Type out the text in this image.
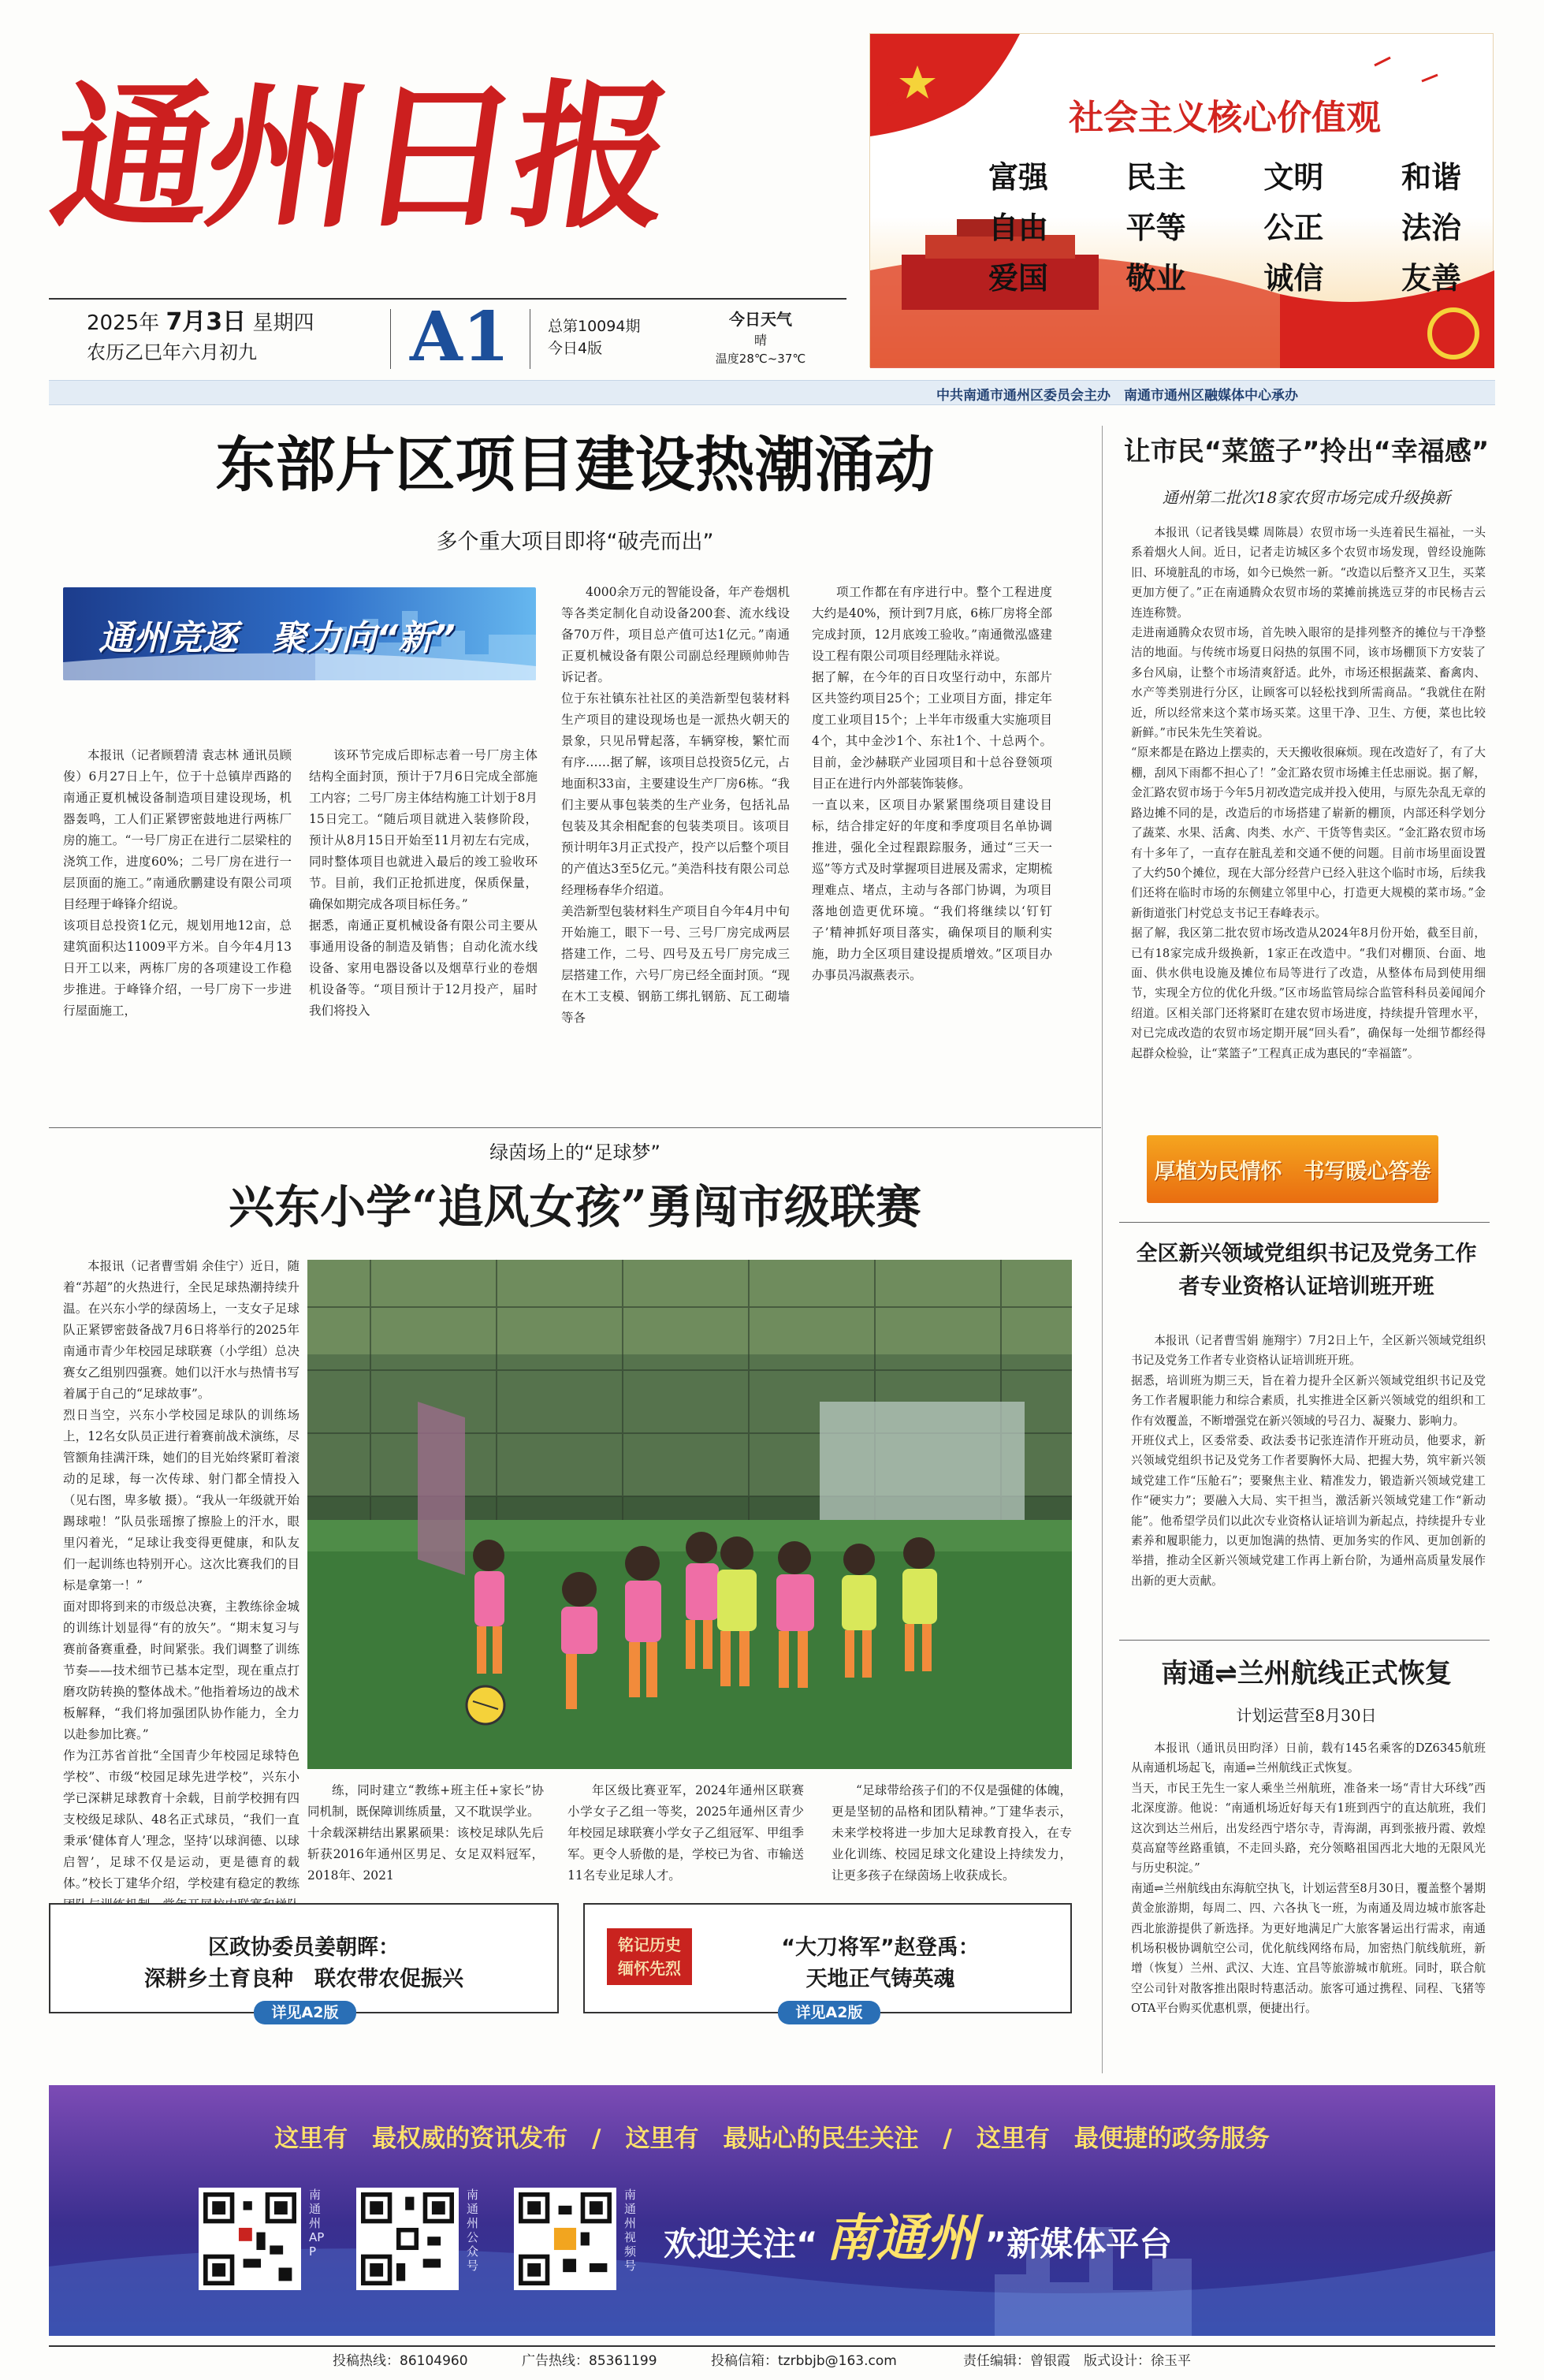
通州日报
2025年 7月3日 星期四
农历乙巳年六月初九	A1	总第10094期
今日4版
今日天气
晴
温度28℃~37℃
社会主义核心价值观
富强	民主	文明	和谐
自由	平等	公正	法治
爱国	敬业	诚信	友善
中共南通市通州区委员会主办　南通市通州区融媒体中心承办
东部片区项目建设热潮涌动
多个重大项目即将“破壳而出”
通州竞逐　聚力向“新”
本报讯（记者顾碧清 袁志林 通讯员顾俊）6月27日上午，位于十总镇岸西路的南通正夏机械设备制造项目建设现场，机器轰鸣，工人们正紧锣密鼓地进行两栋厂房的施工。“一号厂房正在进行二层梁柱的浇筑工作，进度60%；二号厂房在进行一层顶面的施工。”南通欣鹏建设有限公司项目经理于峰锋介绍说。
该项目总投资1亿元，规划用地12亩，总建筑面积达11009平方米。自今年4月13日开工以来，两栋厂房的各项建设工作稳步推进。于峰锋介绍，一号厂房下一步进行屋面施工，
该环节完成后即标志着一号厂房主体结构全面封顶，预计于7月6日完成全部施工内容；二号厂房主体结构施工计划于8月15日完工。“随后项目就进入装修阶段，预计从8月15日开始至11月初左右完成，同时整体项目也就进入最后的竣工验收环节。目前，我们正抢抓进度，保质保量，确保如期完成各项目标任务。”
据悉，南通正夏机械设备有限公司主要从事通用设备的制造及销售；自动化流水线设备、家用电器设备以及烟草行业的卷烟机设备等。“项目预计于12月投产，届时我们将投入
4000余万元的智能设备，年产卷烟机等各类定制化自动设备200套、流水线设备70万件，项目总产值可达1亿元。”南通正夏机械设备有限公司副总经理顾帅帅告诉记者。
位于东社镇东社社区的美浩新型包装材料生产项目的建设现场也是一派热火朝天的景象，只见吊臂起落，车辆穿梭，繁忙而有序……据了解，该项目总投资5亿元，占地面积33亩，主要建设生产厂房6栋。“我们主要从事包装类的生产业务，包括礼品包装及其余相配套的包装类项目。该项目预计明年3月正式投产，投产以后整个项目的产值达3至5亿元。”美浩科技有限公司总经理杨春华介绍道。
美浩新型包装材料生产项目自今年4月中旬开始施工，眼下一号、三号厂房完成两层搭建工作，二号、四号及五号厂房完成三层搭建工作，六号厂房已经全面封顶。“现在木工支模、钢筋工绑扎钢筋、瓦工砌墙等各
项工作都在有序进行中。整个工程进度大约是40%，预计到7月底，6栋厂房将全部完成封顶，12月底竣工验收。”南通微泓盛建设工程有限公司项目经理陆永祥说。
据了解，在今年的百日攻坚行动中，东部片区共签约项目25个；工业项目方面，排定年度工业项目15个；上半年市级重大实施项目4个，其中金沙1个、东社1个、十总两个。目前，金沙赫联产业园项目和十总谷登领项目正在进行内外部装饰装修。
一直以来，区项目办紧紧围绕项目建设目标，结合排定好的年度和季度项目名单协调推进，强化全过程跟踪服务，通过“三天一巡”等方式及时掌握项目进展及需求，定期梳理难点、堵点，主动与各部门协调，为项目落地创造更优环境。“我们将继续以‘钉钉子’精神抓好项目落实，确保项目的顺利实施，助力全区项目建设提质增效。”区项目办办事员冯淑燕表示。
绿茵场上的“足球梦”
兴东小学“追风女孩”勇闯市级联赛
本报讯（记者曹雪娟 余佳宁）近日，随着“苏超”的火热进行，全民足球热潮持续升温。在兴东小学的绿茵场上，一支女子足球队正紧锣密鼓备战7月6日将举行的2025年南通市青少年校园足球联赛（小学组）总决赛女乙组别四强赛。她们以汗水与热情书写着属于自己的“足球故事”。
烈日当空，兴东小学校园足球队的训练场上，12名女队员正进行着赛前战术演练，尽管额角挂满汗珠，她们的目光始终紧盯着滚动的足球，每一次传球、射门都全情投入（见右图，卑多敏 摄）。“我从一年级就开始踢球啦！”队员张瑶擦了擦脸上的汗水，眼里闪着光，“足球让我变得更健康，和队友们一起训练也特别开心。这次比赛我们的目标是拿第一！”
面对即将到来的市级总决赛，主教练徐金城的训练计划显得“有的放矢”。“期末复习与赛前备赛重叠，时间紧张。我们调整了训练节奏——技术细节已基本定型，现在重点打磨攻防转换的整体战术。”他指着场边的战术板解释，“我们将加强团队协作能力，全力以赴参加比赛。”
作为江苏省首批“全国青少年校园足球特色学校”、市级“校园足球先进学校”，兴东小学已深耕足球教育十余载，目前学校拥有四支校级足球队、48名正式球员，“我们一直秉承‘健体育人’理念，坚持‘以球润德、以球启智’，足球不仅是运动，更是德育的载体。”校长丁建华介绍，学校建有稳定的教练
练，同时建立“教练+班主任+家长”协同机制，既保障训练质量，又不耽误学业。
十余载深耕结出累累硕果：该校足球队先后斩获2016年通州区男足、女足双料冠军，2018年、2021
年区级比赛亚军，2024年通州区联赛小学女子乙组一等奖，2025年通州区青少年校园足球联赛小学女子乙组冠军、甲组季军。更令人骄傲的是，学校已为省、市输送11名专业足球人才。
“足球带给孩子们的不仅是强健的体魄，更是坚韧的品格和团队精神。”丁建华表示，未来学校将进一步加大足球教育投入，在专业化训练、校园足球文化建设上持续发力，让更多孩子在绿茵场上收获成长。
区政协委员姜朝晖：
深耕乡土育良种　联农带农促振兴
详见A2版
铭记历史
缅怀先烈
“大刀将军”赵登禹：
天地正气铸英魂
详见A2版
让市民“菜篮子”拎出“幸福感”
通州第二批次18家农贸市场完成升级换新
本报讯（记者钱昊蝶 周陈晨）农贸市场一头连着民生福祉，一头系着烟火人间。近日，记者走访城区多个农贸市场发现，曾经设施陈旧、环境脏乱的市场，如今已焕然一新。“改造以后整齐又卫生，买菜更加方便了。”正在南通腾众农贸市场的菜摊前挑选豆芽的市民杨吉云连连称赞。
走进南通腾众农贸市场，首先映入眼帘的是排列整齐的摊位与干净整洁的地面。与传统市场夏日闷热的氛围不同，该市场棚顶下方安装了多台风扇，让整个市场清爽舒适。此外，市场还根据蔬菜、畜禽肉、水产等类别进行分区，让顾客可以轻松找到所需商品。“我就住在附近，所以经常来这个菜市场买菜。这里干净、卫生、方便，菜也比较新鲜。”市民朱先生笑着说。
“原来都是在路边上摆卖的，天天搬收很麻烦。现在改造好了，有了大棚，刮风下雨都不担心了！”金汇路农贸市场摊主任忠丽说。据了解，金汇路农贸市场于今年5月初改造完成并投入使用，与原先杂乱无章的路边摊不同的是，改造后的市场搭建了崭新的棚顶，内部还科学划分了蔬菜、水果、活禽、肉类、水产、干货等售卖区。“金汇路农贸市场有十多年了，一直存在脏乱差和交通不便的问题。目前市场里面设置了大约50个摊位，现在大部分经营户已经入驻这个临时市场，后续我们还将在临时市场的东侧建立邻里中心，打造更大规模的菜市场。”金新街道张门村党总支书记王春峰表示。
据了解，我区第二批农贸市场改造从2024年8月份开始，截至目前，已有18家完成升级换新，1家正在改造中。“我们对棚顶、台面、地面、供水供电设施及摊位布局等进行了改造，从整体布局到使用细节，实现全方位的优化升级。”区市场监管局综合监管科科员姜闻闻介绍道。区相关部门还将紧盯在建农贸市场进度，持续提升管理水平，对已完成改造的农贸市场定期开展“回头看”，确保每一处细节都经得起群众检验，让“菜篮子”工程真正成为惠民的“幸福篮”。
厚植为民情怀　书写暖心答卷
全区新兴领域党组织书记及党务工作者专业资格认证培训班开班
本报讯（记者曹雪娟 施翔宇）7月2日上午，全区新兴领域党组织书记及党务工作者专业资格认证培训班开班。
据悉，培训班为期三天，旨在着力提升全区新兴领域党组织书记及党务工作者履职能力和综合素质，扎实推进全区新兴领域党的组织和工作有效覆盖，不断增强党在新兴领域的号召力、凝聚力、影响力。
开班仪式上，区委常委、政法委书记张连清作开班动员，他要求，新兴领域党组织书记及党务工作者要胸怀大局、把握大势，筑牢新兴领域党建工作“压舱石”；要聚焦主业、精准发力，锻造新兴领域党建工作“硬实力”；要融入大局、实干担当，激活新兴领域党建工作“新动能”。他希望学员们以此次专业资格认证培训为新起点，持续提升专业素养和履职能力，以更加饱满的热情、更加务实的作风、更加创新的举措，推动全区新兴领域党建工作再上新台阶，为通州高质量发展作出新的更大贡献。
南通⇌兰州航线正式恢复
计划运营至8月30日
本报讯（通讯员田昀泽）日前，载有145名乘客的DZ6345航班从南通机场起飞，南通⇌兰州航线正式恢复。
当天，市民王先生一家人乘坐兰州航班，准备来一场“青甘大环线”西北深度游。他说：“南通机场近好每天有1班到西宁的直达航班，我们这次到达兰州后，出发经西宁塔尔寺，青海湖，再到张掖丹霞、敦煌莫高窟等丝路重镇，不走回头路，充分领略祖国西北大地的无限风光与历史积淀。”
南通⇌兰州航线由东海航空执飞，计划运营至8月30日，覆盖整个暑期黄金旅游期，每周二、四、六各执飞一班，为南通及周边城市旅客赴西北旅游提供了新选择。为更好地满足广大旅客暑运出行需求，南通机场积极协调航空公司，优化航线网络布局，加密热门航线航班，新增（恢复）兰州、武汉、大连、宜昌等旅游城市航班。同时，联合航空公司针对散客推出限时特惠活动。旅客可通过携程、同程、飞猪等OTA平台购买优惠机票，便捷出行。
这里有　最权威的资讯发布　/　这里有　最贴心的民生关注　/　这里有　最便捷的政务服务
南通州APP
南通州公众号
南通州视频号
欢迎关注“ 南通州 ”新媒体平台
投稿热线：86104960	广告热线：85361199	投稿信箱：tzrbbjb@163.com	责任编辑：曾银霞　版式设计：徐玉平
